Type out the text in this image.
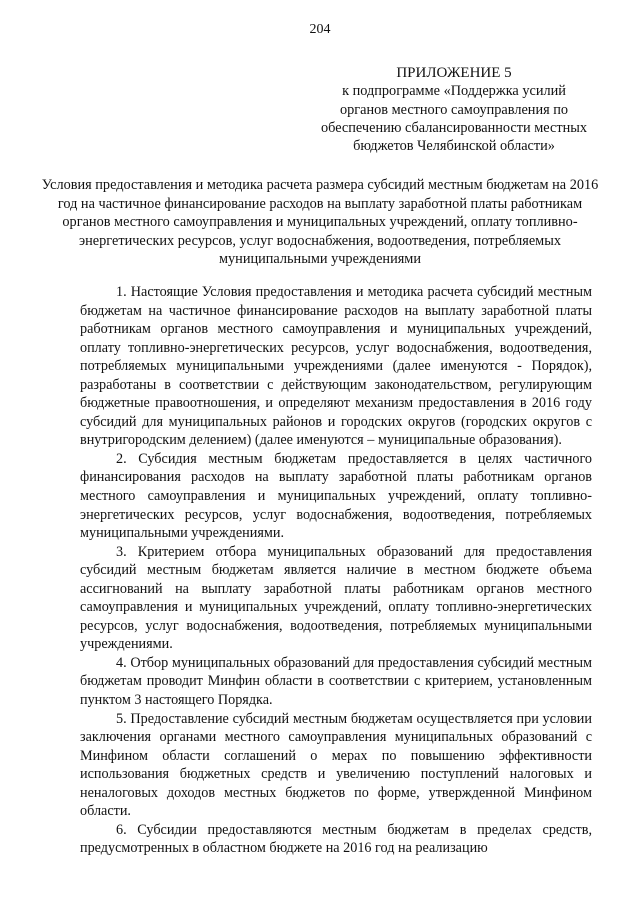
204
ПРИЛОЖЕНИЕ 5
к подпрограмме «Поддержка усилий органов местного самоуправления по обеспечению сбалансированности местных бюджетов Челябинской области»
Условия предоставления и методика расчета размера субсидий местным бюджетам на 2016 год на частичное финансирование расходов на выплату заработной платы работникам органов местного самоуправления и муниципальных учреждений, оплату топливно-энергетических ресурсов, услуг водоснабжения, водоотведения, потребляемых муниципальными учреждениями

1. Настоящие Условия предоставления и методика расчета субсидий местным бюджетам на частичное финансирование расходов на выплату заработной платы работникам органов местного самоуправления и муниципальных учреждений, оплату топливно-энергетических ресурсов, услуг водоснабжения, водоотведения, потребляемых муниципальными учреждениями (далее именуются - Порядок), разработаны в соответствии с действующим законодательством, регулирующим бюджетные правоотношения, и определяют механизм предоставления в 2016 году субсидий для муниципальных районов и городских округов (городских округов с внутригородским делением) (далее именуются – муниципальные образования).

2. Субсидия местным бюджетам предоставляется в целях частичного финансирования расходов на выплату заработной платы работникам органов местного самоуправления и муниципальных учреждений, оплату топливно-энергетических ресурсов, услуг водоснабжения, водоотведения, потребляемых муниципальными учреждениями.

3. Критерием отбора муниципальных образований для предоставления субсидий местным бюджетам является наличие в местном бюджете объема ассигнований на выплату заработной платы работникам органов местного самоуправления и муниципальных учреждений, оплату топливно-энергетических ресурсов, услуг водоснабжения, водоотведения, потребляемых муниципальными учреждениями.

4. Отбор муниципальных образований для предоставления субсидий местным бюджетам проводит Минфин области в соответствии с критерием, установленным пунктом 3 настоящего Порядка.

5. Предоставление субсидий местным бюджетам осуществляется при условии заключения органами местного самоуправления муниципальных образований с Минфином области соглашений о мерах по повышению эффективности использования бюджетных средств и увеличению поступлений налоговых и неналоговых доходов местных бюджетов по форме, утвержденной Минфином области.

6. Субсидии предоставляются местным бюджетам в пределах средств, предусмотренных в областном бюджете на 2016 год на реализацию
